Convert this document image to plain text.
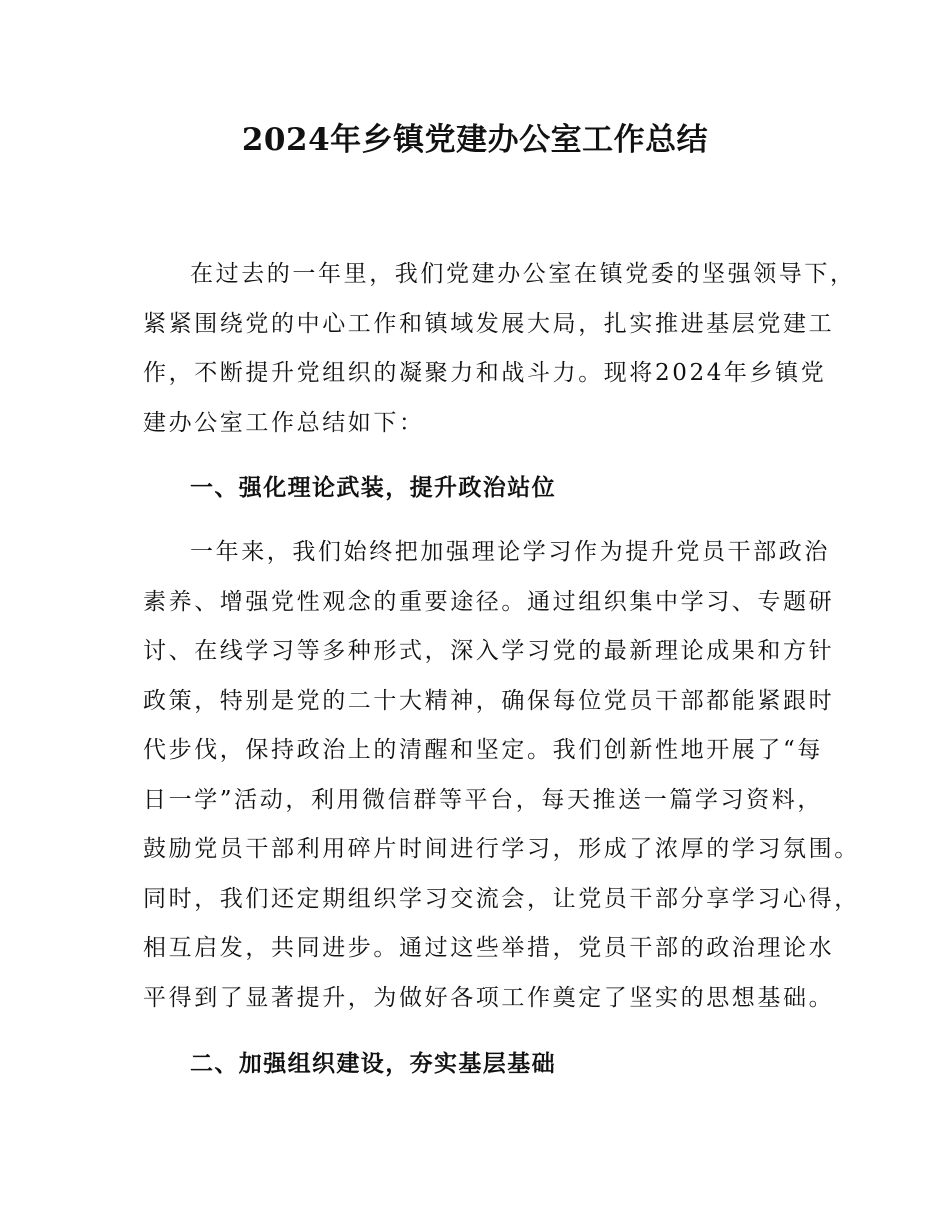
2024年乡镇党建办公室工作总结

在过去的一年里，我们党建办公室在镇党委的坚强领导下，
紧紧围绕党的中心工作和镇域发展大局，扎实推进基层党建工
作，不断提升党组织的凝聚力和战斗力。现将2024年乡镇党
建办公室工作总结如下：

一、强化理论武装，提升政治站位

一年来，我们始终把加强理论学习作为提升党员干部政治
素养、增强党性观念的重要途径。通过组织集中学习、专题研
讨、在线学习等多种形式，深入学习党的最新理论成果和方针
政策，特别是党的二十大精神，确保每位党员干部都能紧跟时
代步伐，保持政治上的清醒和坚定。我们创新性地开展了“每
日一学”活动，利用微信群等平台，每天推送一篇学习资料，
鼓励党员干部利用碎片时间进行学习，形成了浓厚的学习氛围。
同时，我们还定期组织学习交流会，让党员干部分享学习心得，
相互启发，共同进步。通过这些举措，党员干部的政治理论水
平得到了显著提升，为做好各项工作奠定了坚实的思想基础。

二、加强组织建设，夯实基层基础
